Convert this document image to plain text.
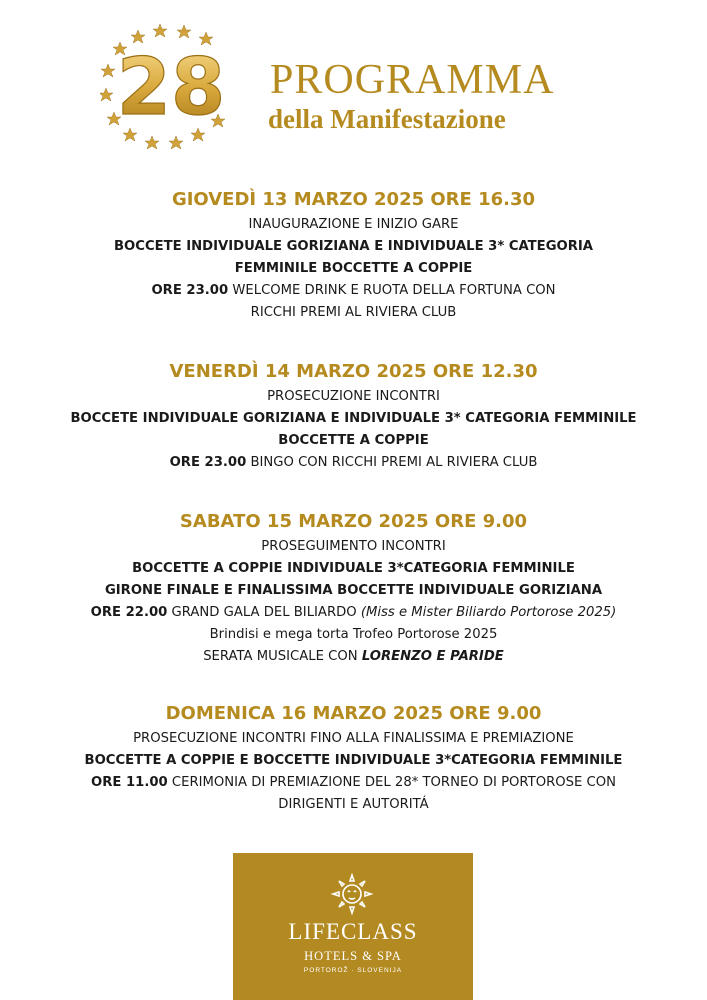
28 PROGRAMMA
della Manifestazione
GIOVEDÌ 13 MARZO 2025 ORE 16.30
INAUGURAZIONE E INIZIO GARE
BOCCETE INDIVIDUALE GORIZIANA E INDIVIDUALE 3* CATEGORIA
FEMMINILE BOCCETTE A COPPIE
ORE 23.00 WELCOME DRINK E RUOTA DELLA FORTUNA CON
RICCHI PREMI AL RIVIERA CLUB
VENERDÌ 14 MARZO 2025 ORE 12.30
PROSECUZIONE INCONTRI
BOCCETE INDIVIDUALE GORIZIANA E INDIVIDUALE 3* CATEGORIA FEMMINILE
BOCCETTE A COPPIE
ORE 23.00 BINGO CON RICCHI PREMI AL RIVIERA CLUB
SABATO 15 MARZO 2025 ORE 9.00
PROSEGUIMENTO INCONTRI
BOCCETTE A COPPIE INDIVIDUALE 3*CATEGORIA FEMMINILE
GIRONE FINALE E FINALISSIMA BOCCETTE INDIVIDUALE GORIZIANA
ORE 22.00 GRAND GALA DEL BILIARDO (Miss e Mister Biliardo Portorose 2025)
Brindisi e mega torta Trofeo Portorose 2025
SERATA MUSICALE CON LORENZO E PARIDE
DOMENICA 16 MARZO 2025 ORE 9.00
PROSECUZIONE INCONTRI FINO ALLA FINALISSIMA E PREMIAZIONE
BOCCETTE A COPPIE E BOCCETTE INDIVIDUALE 3*CATEGORIA FEMMINILE
ORE 11.00 CERIMONIA DI PREMIAZIONE DEL 28* TORNEO DI PORTOROSE CON
DIRIGENTI E AUTORITÁ
LIFECLASS
HOTELS & SPA
PORTOROŽ · SLOVENIJA
